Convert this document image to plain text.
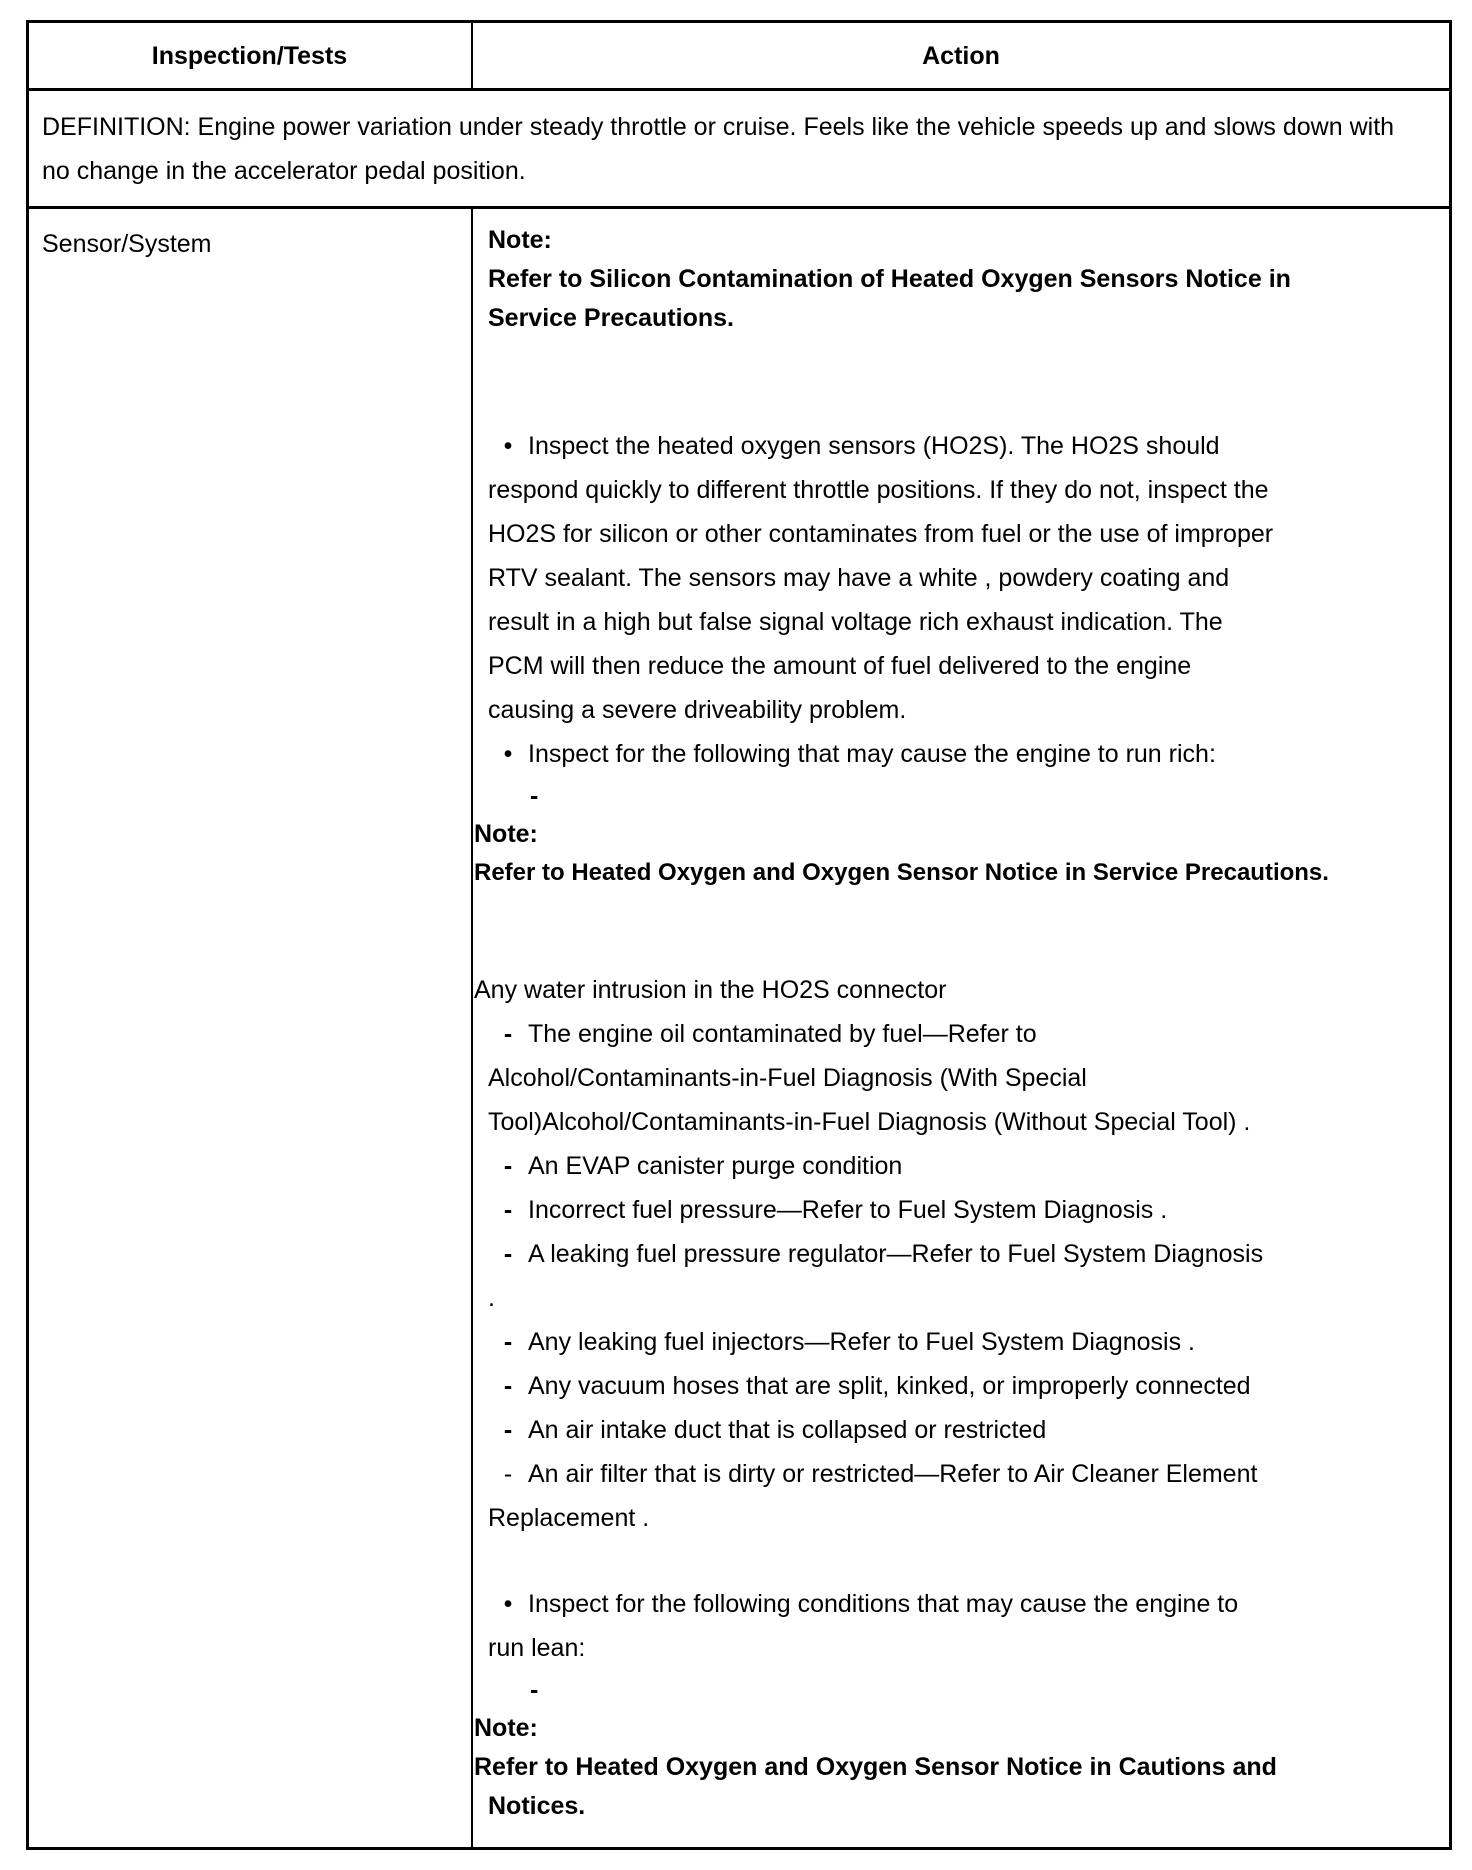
Inspection/Tests	Action
DEFINITION: Engine power variation under steady throttle or cruise. Feels like the vehicle speeds up and slows down with no change in the accelerator pedal position.
Sensor/System	Note:
Refer to Silicon Contamination of Heated Oxygen Sensors Notice in
Service Precautions.
• Inspect the heated oxygen sensors (HO2S). The HO2S should
respond quickly to different throttle positions. If they do not, inspect the
HO2S for silicon or other contaminates from fuel or the use of improper
RTV sealant. The sensors may have a white , powdery coating and
result in a high but false signal voltage rich exhaust indication. The
PCM will then reduce the amount of fuel delivered to the engine
causing a severe driveability problem.
• Inspect for the following that may cause the engine to run rich:
-
Note:
Refer to Heated Oxygen and Oxygen Sensor Notice in Service Precautions.
Any water intrusion in the HO2S connector
- The engine oil contaminated by fuel—Refer to
Alcohol/Contaminants-in-Fuel Diagnosis (With Special
Tool)Alcohol/Contaminants-in-Fuel Diagnosis (Without Special Tool) .
- An EVAP canister purge condition
- Incorrect fuel pressure—Refer to Fuel System Diagnosis .
- A leaking fuel pressure regulator—Refer to Fuel System Diagnosis
.
- Any leaking fuel injectors—Refer to Fuel System Diagnosis .
- Any vacuum hoses that are split, kinked, or improperly connected
- An air intake duct that is collapsed or restricted
- An air filter that is dirty or restricted—Refer to Air Cleaner Element
Replacement .
• Inspect for the following conditions that may cause the engine to
run lean:
-
Note:
Refer to Heated Oxygen and Oxygen Sensor Notice in Cautions and
Notices.
